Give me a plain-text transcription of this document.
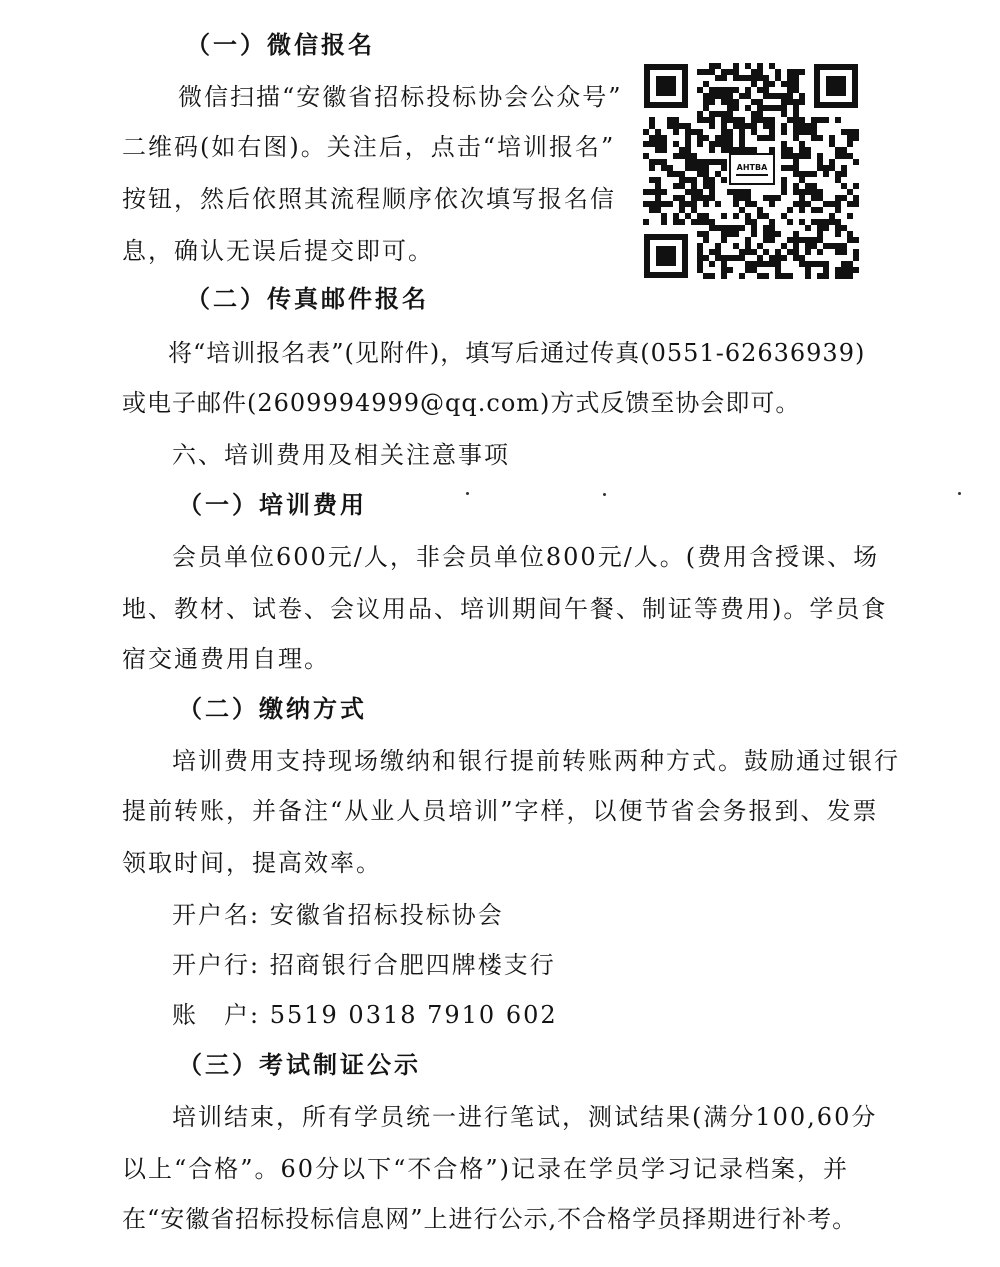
（一）微信报名
微信扫描“安徽省招标投标协会公众号”
二维码(如右图)。关注后，点击“培训报名”
按钮，然后依照其流程顺序依次填写报名信
息，确认无误后提交即可。
AHTBA
（二）传真邮件报名
将“培训报名表”(见附件)，填写后通过传真(0551-62636939)
或电子邮件(2609994999@qq.com)方式反馈至协会即可。
六、培训费用及相关注意事项
（一）培训费用
会员单位600元/人，非会员单位800元/人。(费用含授课、场
地、教材、试卷、会议用品、培训期间午餐、制证等费用)。学员食
宿交通费用自理。
（二）缴纳方式
培训费用支持现场缴纳和银行提前转账两种方式。鼓励通过银行
提前转账，并备注“从业人员培训”字样，以便节省会务报到、发票
领取时间，提高效率。
开户名: 安徽省招标投标协会
开户行: 招商银行合肥四牌楼支行
账　户: 5519 0318 7910 602
（三）考试制证公示
培训结束，所有学员统一进行笔试，测试结果(满分100,60分
以上“合格”。60分以下“不合格”)记录在学员学习记录档案，并
在“安徽省招标投标信息网”上进行公示,不合格学员择期进行补考。
